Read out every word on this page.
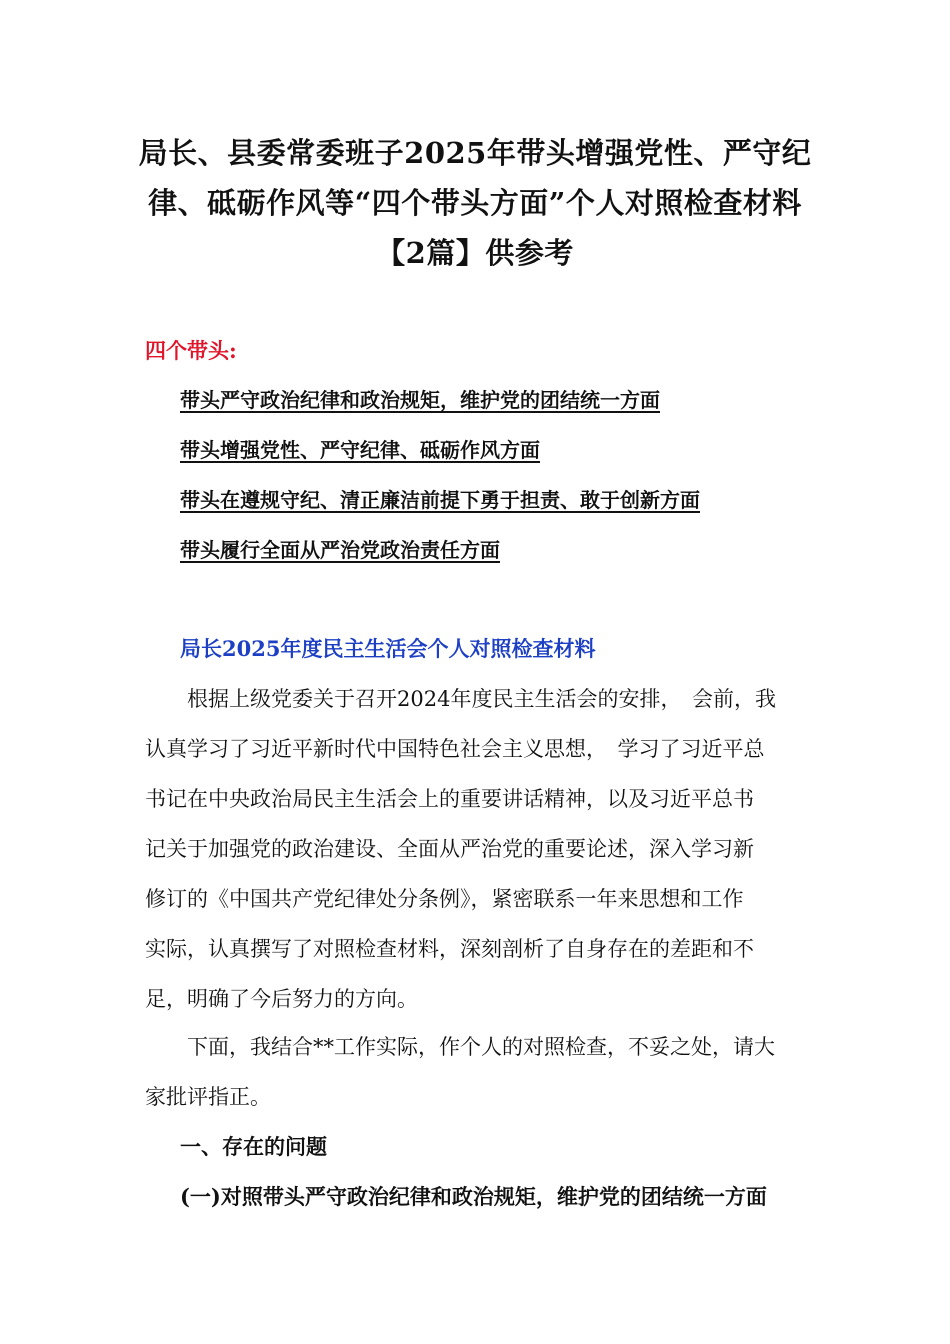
局长、县委常委班子2025年带头增强党性、严守纪
律、砥砺作风等“四个带头方面”个人对照检查材料
【2篇】供参考
四个带头:
带头严守政治纪律和政治规矩，维护党的团结统一方面
带头增强党性、严守纪律、砥砺作风方面
带头在遵规守纪、清正廉洁前提下勇于担责、敢于创新方面
带头履行全面从严治党政治责任方面
局长2025年度民主生活会个人对照检查材料
　　根据上级党委关于召开2024年度民主生活会的安排，　会前，我
认真学习了习近平新时代中国特色社会主义思想，　学习了习近平总
书记在中央政治局民主生活会上的重要讲话精神，以及习近平总书
记关于加强党的政治建设、全面从严治党的重要论述，深入学习新
修订的《中国共产党纪律处分条例》，紧密联系一年来思想和工作
实际，认真撰写了对照检查材料，深刻剖析了自身存在的差距和不
足，明确了今后努力的方向。
　　下面，我结合**工作实际，作个人的对照检查，不妥之处，请大
家批评指正。
一、存在的问题
(一)对照带头严守政治纪律和政治规矩，维护党的团结统一方面
